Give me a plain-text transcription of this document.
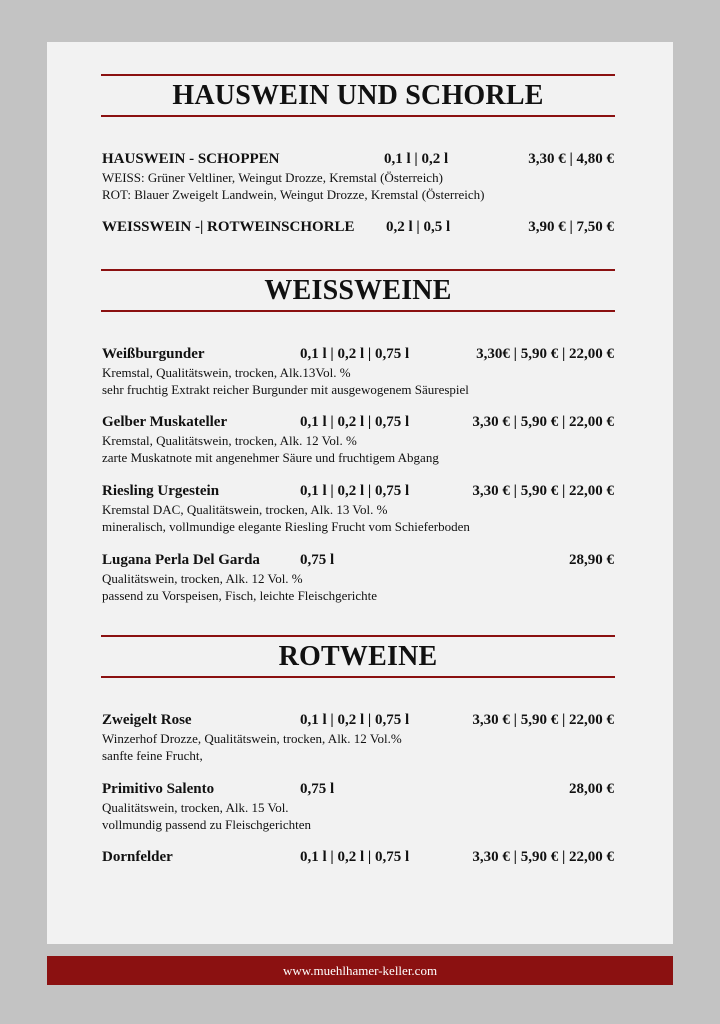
HAUSWEIN UND SCHORLE
HAUSWEIN - SCHOPPEN	0,1 l | 0,2 l	3,30 € | 4,80 €
WEISS: Grüner Veltliner, Weingut Drozze, Kremstal (Österreich)
ROT: Blauer Zweigelt Landwein, Weingut Drozze, Kremstal (Österreich)
WEISSWEIN -| ROTWEINSCHORLE 0,2 l | 0,5 l	3,90 € | 7,50 €
WEISSWEINE
Weißburgunder	0,1 l | 0,2 l | 0,75 l	3,30€ | 5,90 € | 22,00 €
Kremstal, Qualitätswein, trocken, Alk.13Vol. %
sehr fruchtig Extrakt reicher Burgunder mit ausgewogenem Säurespiel
Gelber Muskateller	0,1 l | 0,2 l | 0,75 l	3,30 € | 5,90 € | 22,00 €
Kremstal, Qualitätswein, trocken, Alk. 12 Vol. %
zarte Muskatnote mit angenehmer Säure und fruchtigem Abgang
Riesling Urgestein	0,1 l | 0,2 l | 0,75 l	3,30 € | 5,90 € | 22,00 €
Kremstal DAC, Qualitätswein, trocken, Alk. 13 Vol. %
mineralisch, vollmundige elegante Riesling Frucht vom Schieferboden
Lugana Perla Del Garda	0,75 l	28,90 €
Qualitätswein, trocken, Alk. 12 Vol. %
passend zu Vorspeisen, Fisch, leichte Fleischgerichte
ROTWEINE
Zweigelt Rose	0,1 l | 0,2 l | 0,75 l	3,30 € | 5,90 € | 22,00 €
Winzerhof Drozze, Qualitätswein, trocken, Alk. 12 Vol.%
sanfte feine Frucht,
Primitivo Salento	0,75 l	28,00 €
Qualitätswein, trocken, Alk. 15 Vol.
vollmundig passend zu Fleischgerichten
Dornfelder	0,1 l | 0,2 l | 0,75 l	3,30 € | 5,90 € | 22,00 €
www.muehlhamer-keller.com
